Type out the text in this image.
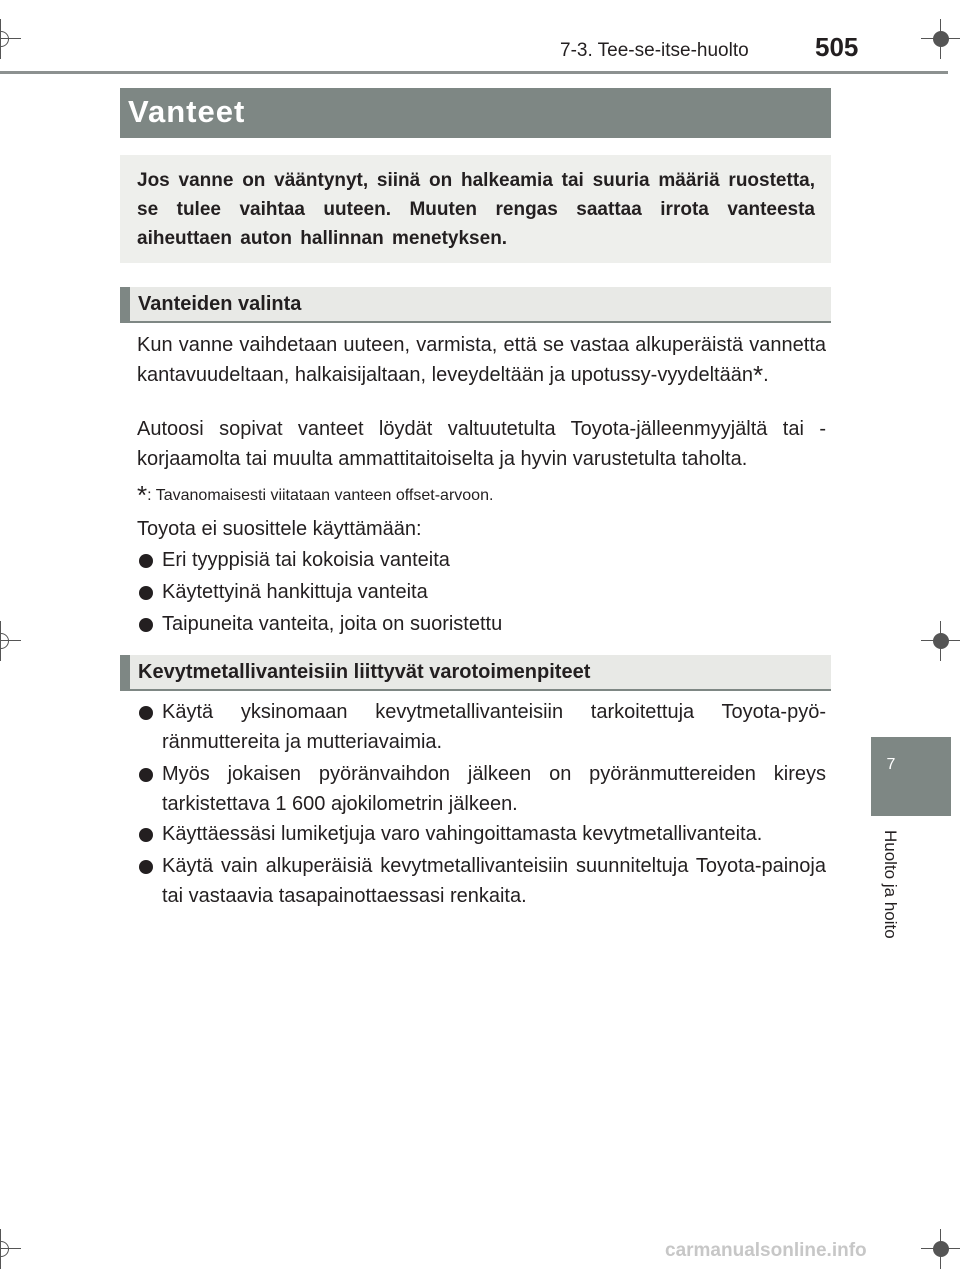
7-3. Tee-se-itse-huolto	505
Vanteet
Jos vanne on vääntynyt, siinä on halkeamia tai suuria määriä ruostetta, se tulee vaihtaa uuteen. Muuten rengas saattaa irrota vanteesta aiheuttaen auton hallinnan menetyksen.
Vanteiden valinta
Kun vanne vaihdetaan uuteen, varmista, että se vastaa alkuperäistä vannetta kantavuudeltaan, halkaisijaltaan, leveydeltään ja upotussy-vyydeltään*.
Autoosi sopivat vanteet löydät valtuutetulta Toyota-jälleenmyyjältä tai -korjaamolta tai muulta ammattitaitoiselta ja hyvin varustetulta taholta.
*: Tavanomaisesti viitataan vanteen offset-arvoon.
Toyota ei suosittele käyttämään:
Eri tyyppisiä tai kokoisia vanteita
Käytettyinä hankittuja vanteita
Taipuneita vanteita, joita on suoristettu
Kevytmetallivanteisiin liittyvät varotoimenpiteet
Käytä yksinomaan kevytmetallivanteisiin tarkoitettuja Toyota-pyö-ränmuttereita ja mutteriavaimia.
Myös jokaisen pyöränvaihdon jälkeen on pyöränmuttereiden kireys tarkistettava 1 600 ajokilometrin jälkeen.
Käyttäessäsi lumiketjuja varo vahingoittamasta kevytmetallivanteita.
Käytä vain alkuperäisiä kevytmetallivanteisiin suunniteltuja Toyota-painoja tai vastaavia tasapainottaessasi renkaita.
7
Huolto ja hoito
carmanualsonline.info
